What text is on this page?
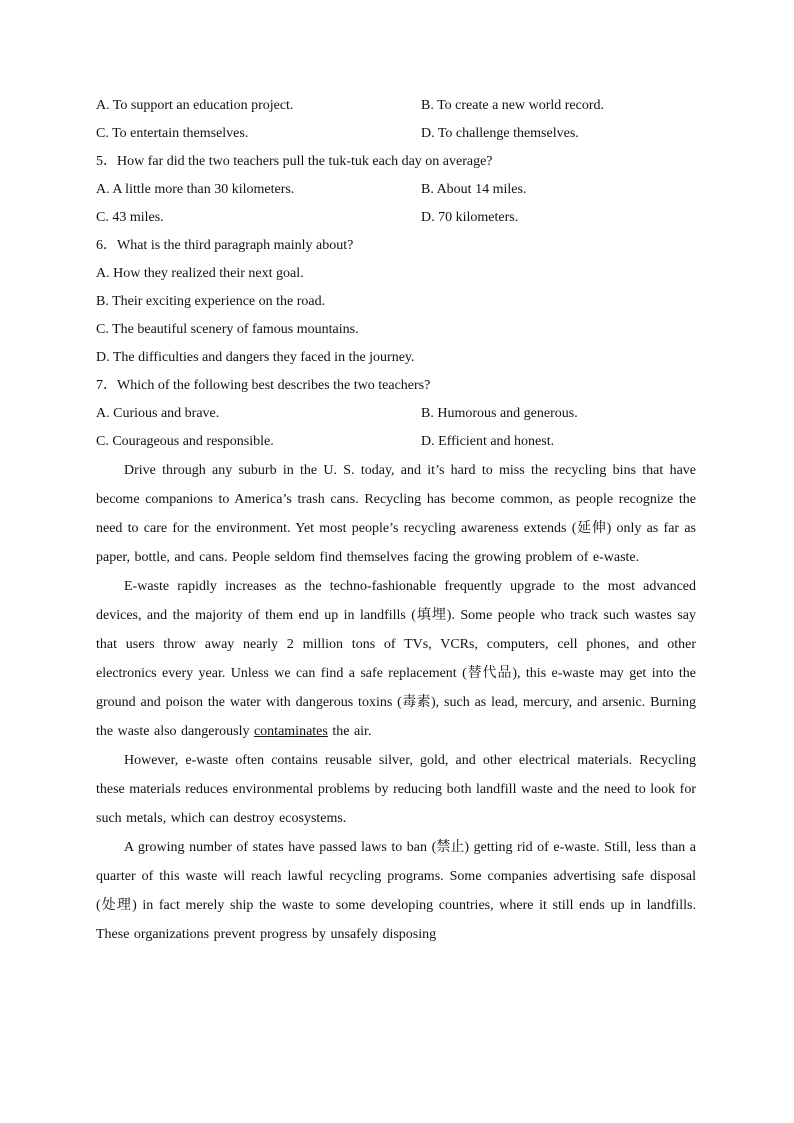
A. To support an education project.	B. To create a new world record.
C. To entertain themselves.	D. To challenge themselves.
5．How far did the two teachers pull the tuk-tuk each day on average?
A. A little more than 30 kilometers.	B. About 14 miles.
C. 43 miles.	D. 70 kilometers.
6．What is the third paragraph mainly about?
A. How they realized their next goal.
B. Their exciting experience on the road.
C. The beautiful scenery of famous mountains.
D. The difficulties and dangers they faced in the journey.
7．Which of the following best describes the two teachers?
A. Curious and brave.	B. Humorous and generous.
C. Courageous and responsible.	D. Efficient and honest.

Drive through any suburb in the U. S. today, and it’s hard to miss the recycling bins that have become companions to America’s trash cans. Recycling has become common, as people recognize the need to care for the environment. Yet most people’s recycling awareness extends (延伸) only as far as paper, bottle, and cans. People seldom find themselves facing the growing problem of e-waste.

E-waste rapidly increases as the techno-fashionable frequently upgrade to the most advanced devices, and the majority of them end up in landfills (填埋). Some people who track such wastes say that users throw away nearly 2 million tons of TVs, VCRs, computers, cell phones, and other electronics every year. Unless we can find a safe replacement (替代品), this e-waste may get into the ground and poison the water with dangerous toxins (毒素), such as lead, mercury, and arsenic. Burning the waste also dangerously contaminates the air.

However, e-waste often contains reusable silver, gold, and other electrical materials. Recycling these materials reduces environmental problems by reducing both landfill waste and the need to look for such metals, which can destroy ecosystems.

A growing number of states have passed laws to ban (禁止) getting rid of e-waste. Still, less than a quarter of this waste will reach lawful recycling programs. Some companies advertising safe disposal (处理) in fact merely ship the waste to some developing countries, where it still ends up in landfills. These organizations prevent progress by unsafely disposing
